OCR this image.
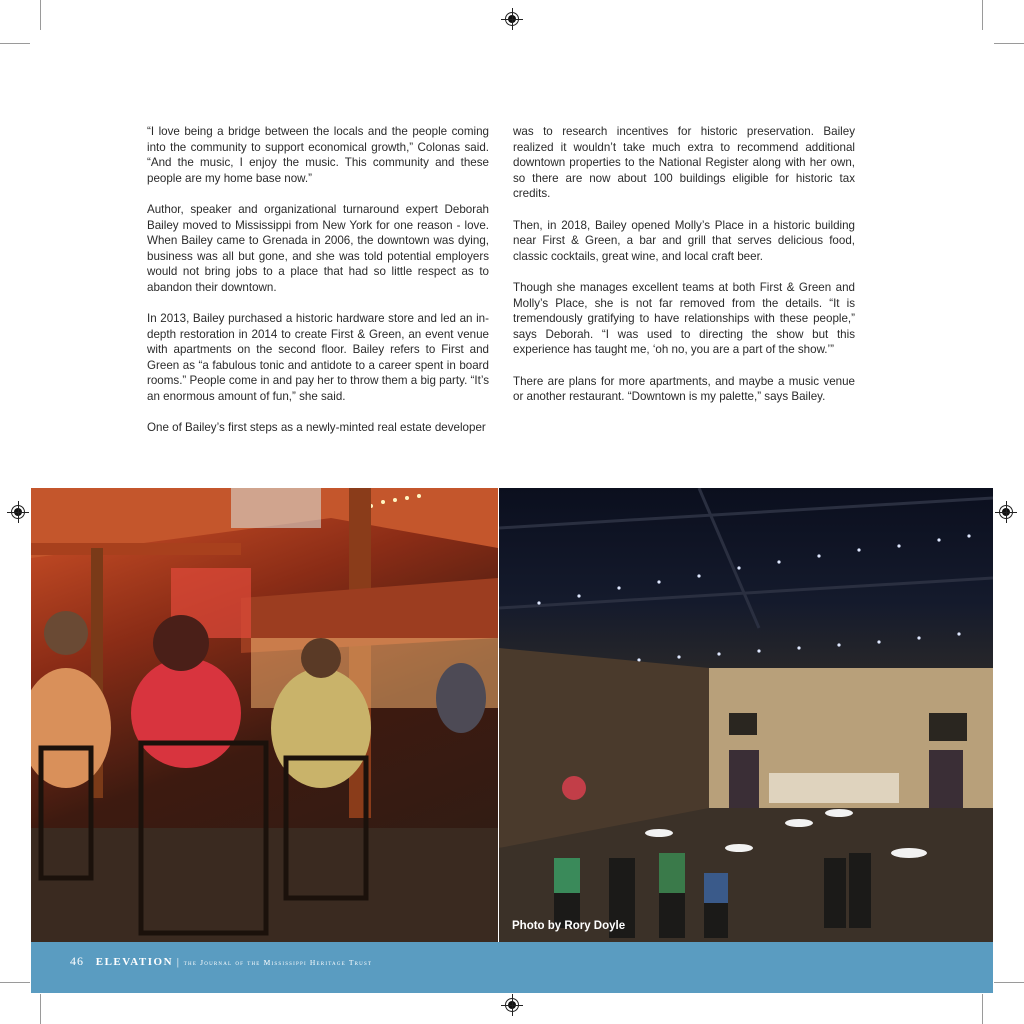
“I love being a bridge between the locals and the people coming into the community to support economical growth,” Colonas said. “And the music, I enjoy the music. This community and these people are my home base now.”

Author, speaker and organizational turnaround expert Deborah Bailey moved to Mississippi from New York for one reason - love. When Bailey came to Grenada in 2006, the downtown was dying, business was all but gone, and she was told potential employers would not bring jobs to a place that had so little respect as to abandon their downtown.

In 2013, Bailey purchased a historic hardware store and led an in-depth restoration in 2014 to create First & Green, an event venue with apartments on the second floor. Bailey refers to First and Green as “a fabulous tonic and antidote to a career spent in board rooms.” People come in and pay her to throw them a big party. “It’s an enormous amount of fun,” she said.

One of Bailey’s first steps as a newly-minted real estate developer

was to research incentives for historic preservation. Bailey realized it wouldn’t take much extra to recommend additional downtown properties to the National Register along with her own, so there are now about 100 buildings eligible for historic tax credits.

Then, in 2018, Bailey opened Molly’s Place in a historic building near First & Green, a bar and grill that serves delicious food, classic cocktails, great wine, and local craft beer.

Though she manages excellent teams at both First & Green and Molly’s Place, she is not far removed from the details. “It is tremendously gratifying to have relationships with these people,” says Deborah. “I was used to directing the show but this experience has taught me, ‘oh no, you are a part of the show.’”

There are plans for more apartments, and maybe a music venue or another restaurant. “Downtown is my palette,” says Bailey.

Photo by Rory Doyle
46 ELEVATION | the Journal of the Mississippi Heritage Trust
